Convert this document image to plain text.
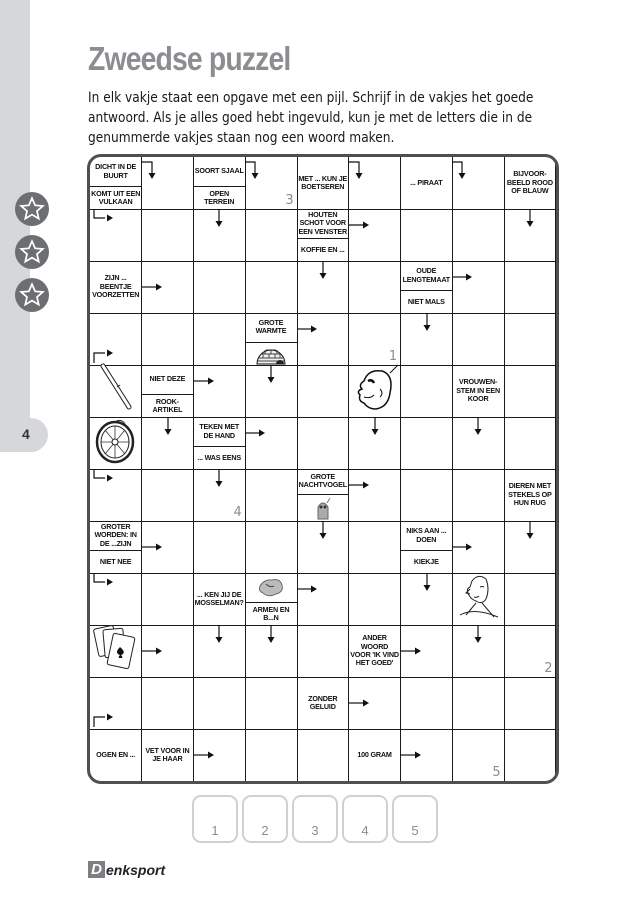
4
Zweedse puzzel
In elk vakje staat een opgave met een pijl. Schrijf in de vakjes het goede antwoord. Als je alles goed hebt ingevuld, kun je met de letters die in de genummerde vakjes staan nog een woord maken.
DICHT IN DE BUURT
KOMT UIT EEN VULKAAN
SOORT SJAAL
OPEN TERREIN	3
MET ... KUN JE BOETSEREN	... PIRAAT
BIJVOOR-BEELD ROOD OF BLAUW
HOUTEN SCHOT VOOR EEN VENSTER
KOFFIE EN ...
ZIJN ... BEENTJE VOORZETTEN
OUDE LENGTEMAAT
NIET MALS
GROTE WARMTE
1
NIET DEZE
ROOK-ARTIKEL
VROUWEN-STEM IN EEN KOOR
TEKEN MET DE HAND
... WAS EENS
4
GROTE NACHTVOGEL	DIEREN MET STEKELS OP HUN RUG
GROTER WORDEN: IN DE ...ZIJN
NIET NEE
NIKS AAN ... DOEN
KIEKJE
... KEN JIJ DE MOSSELMAN?
ARMEN EN B...N
ANDER WOORD VOOR 'IK VIND HET GOED'	2
ZONDER GELUID
OGEN EN ...	VET VOOR IN JE HAAR	100 GRAM
5
1	2	3	4	5
D enksport
